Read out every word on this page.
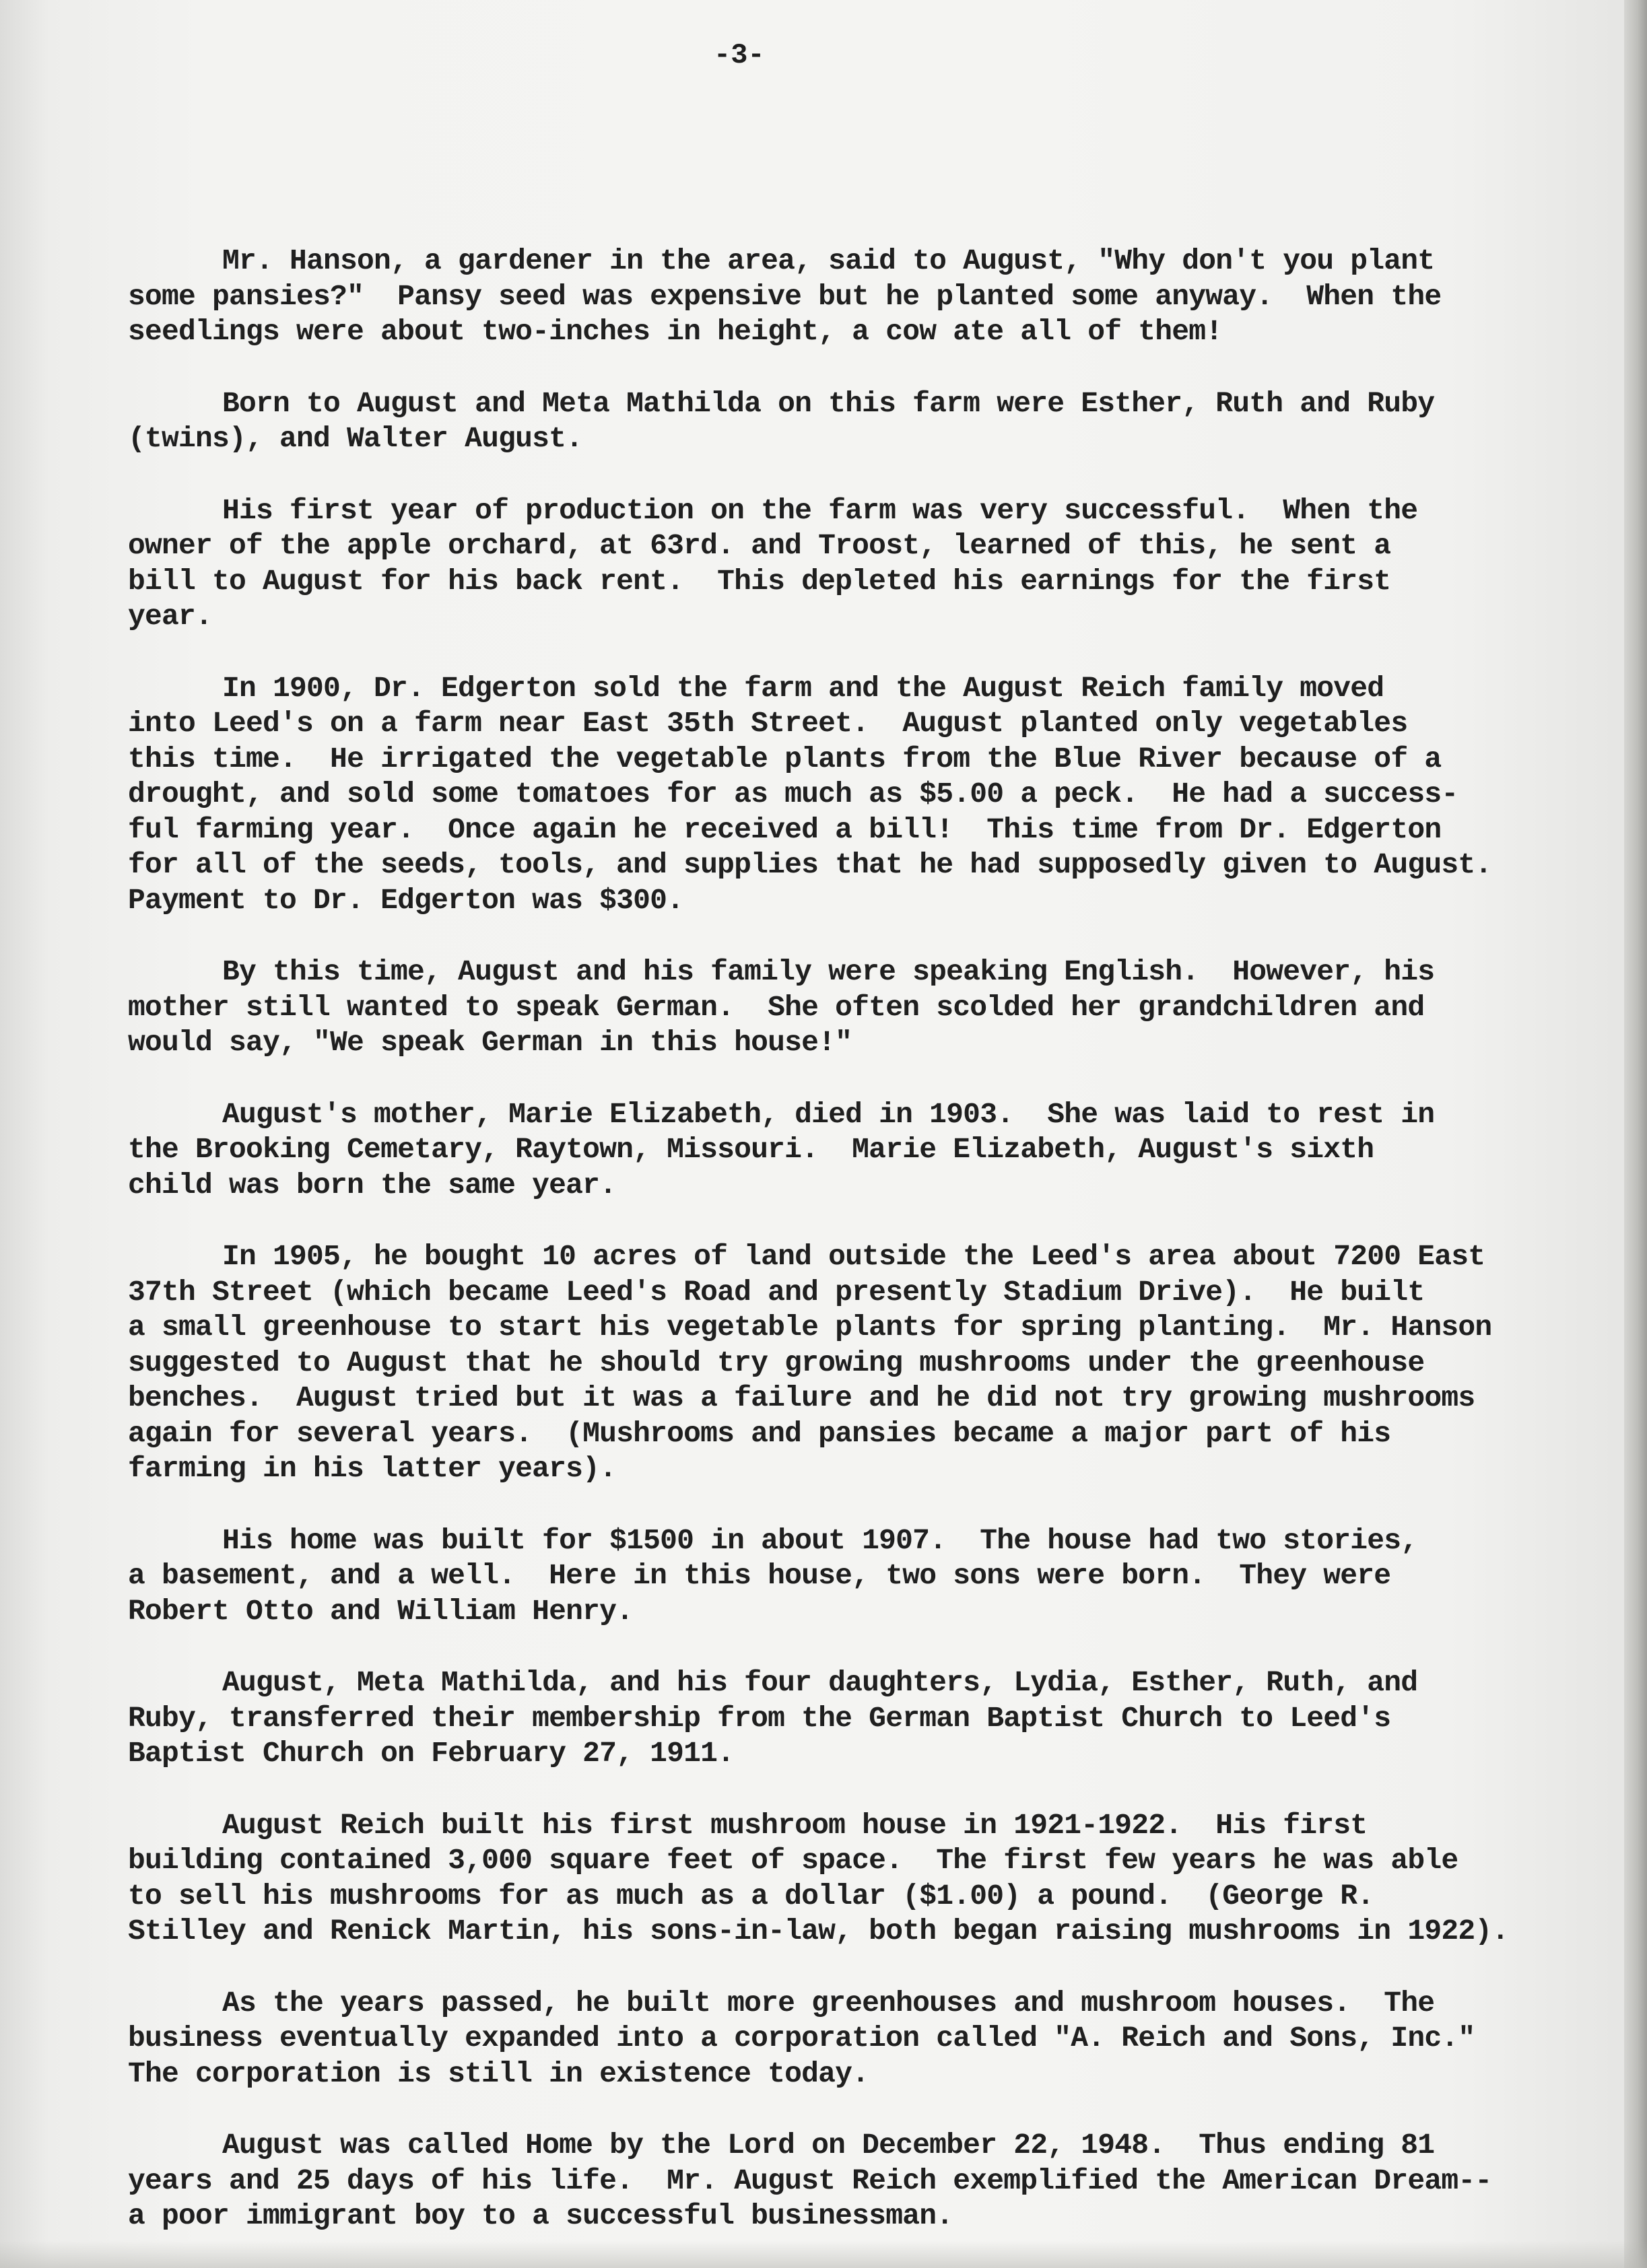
-3-

Mr. Hanson, a gardener in the area, said to August, "Why don't you plant
some pansies?"  Pansy seed was expensive but he planted some anyway.  When the
seedlings were about two-inches in height, a cow ate all of them!
Born to August and Meta Mathilda on this farm were Esther, Ruth and Ruby
(twins), and Walter August.
His first year of production on the farm was very successful.  When the
owner of the apple orchard, at 63rd. and Troost, learned of this, he sent a
bill to August for his back rent.  This depleted his earnings for the first
year.
In 1900, Dr. Edgerton sold the farm and the August Reich family moved
into Leed's on a farm near East 35th Street.  August planted only vegetables
this time.  He irrigated the vegetable plants from the Blue River because of a
drought, and sold some tomatoes for as much as $5.00 a peck.  He had a success-
ful farming year.  Once again he received a bill!  This time from Dr. Edgerton
for all of the seeds, tools, and supplies that he had supposedly given to August.
Payment to Dr. Edgerton was $300.
By this time, August and his family were speaking English.  However, his
mother still wanted to speak German.  She often scolded her grandchildren and
would say, "We speak German in this house!"
August's mother, Marie Elizabeth, died in 1903.  She was laid to rest in
the Brooking Cemetary, Raytown, Missouri.  Marie Elizabeth, August's sixth
child was born the same year.
In 1905, he bought 10 acres of land outside the Leed's area about 7200 East
37th Street (which became Leed's Road and presently Stadium Drive).  He built
a small greenhouse to start his vegetable plants for spring planting.  Mr. Hanson
suggested to August that he should try growing mushrooms under the greenhouse
benches.  August tried but it was a failure and he did not try growing mushrooms
again for several years.  (Mushrooms and pansies became a major part of his
farming in his latter years).
His home was built for $1500 in about 1907.  The house had two stories,
a basement, and a well.  Here in this house, two sons were born.  They were
Robert Otto and William Henry.
August, Meta Mathilda, and his four daughters, Lydia, Esther, Ruth, and
Ruby, transferred their membership from the German Baptist Church to Leed's
Baptist Church on February 27, 1911.
August Reich built his first mushroom house in 1921-1922.  His first
building contained 3,000 square feet of space.  The first few years he was able
to sell his mushrooms for as much as a dollar ($1.00) a pound.  (George R.
Stilley and Renick Martin, his sons-in-law, both began raising mushrooms in 1922).
As the years passed, he built more greenhouses and mushroom houses.  The
business eventually expanded into a corporation called "A. Reich and Sons, Inc."
The corporation is still in existence today.
August was called Home by the Lord on December 22, 1948.  Thus ending 81
years and 25 days of his life.  Mr. August Reich exemplified the American Dream--
a poor immigrant boy to a successful businessman.
